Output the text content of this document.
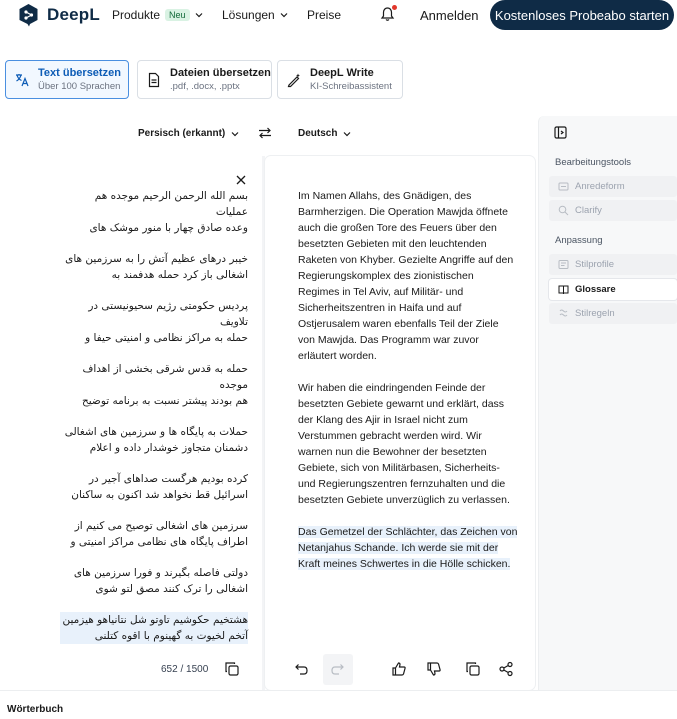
DeepL Produkte	Neu	Lösungen	Preise	Anmelden	Kostenloses Probeabo starten
Text übersetzen
Über 100 Sprachen
Dateien übersetzen
.pdf, .docx, .pptx
DeepL Write
KI-Schreibassistent
Persisch (erkannt)	Deutsch
بسم الله الرحمن الرحیم موجده هم عملیات
وعده صادق چهار با منور موشک های
خیبر درهای عظیم آتش را به سرزمین های
اشغالی باز کرد حمله هدفمند به
پردیس حکومتی رژیم سحیونیستی در تلاویف
حمله به مراکز نظامی و امنیتی حیفا و
حمله به قدس شرقی بخشی از اهداف موجده
هم بودند پیشتر نسبت به برنامه توضیح
حملات به پایگاه ها و سرزمین های اشغالی
دشمنان متجاوز خوشدار داده و اعلام
کرده بودیم هرگست صداهای آجیر در
اسرائیل قط نخواهد شد اکنون به ساکنان
سرزمین های اشغالی توصیح می کنیم از
اطراف پایگاه های نظامی مراکز امنیتی و
دولتی فاصله بگیرند و فورا سرزمین های
اشغالی را ترک کنند مصق لتو شوی
هشتخیم حکوشیم تاوتو شل نتانیاهو هیزمین
آتخم لخیوت به گهینوم با اقوه کتلنی
Im Namen Allahs, des Gnädigen, des
Barmherzigen. Die Operation Mawjda öffnete
auch die großen Tore des Feuers über den
besetzten Gebieten mit den leuchtenden
Raketen von Khyber. Gezielte Angriffe auf den
Regierungskomplex des zionistischen
Regimes in Tel Aviv, auf Militär- und
Sicherheitszentren in Haifa und auf
Ostjerusalem waren ebenfalls Teil der Ziele
von Mawjda. Das Programm war zuvor
erläutert worden.
Wir haben die eindringenden Feinde der
besetzten Gebiete gewarnt und erklärt, dass
der Klang des Ajir in Israel nicht zum
Verstummen gebracht werden wird. Wir
warnen nun die Bewohner der besetzten
Gebiete, sich von Militärbasen, Sicherheits-
und Regierungszentren fernzuhalten und die
besetzten Gebiete unverzüglich zu verlassen.
Das Gemetzel der Schlächter, das Zeichen von
Netanjahus Schande. Ich werde sie mit der
Kraft meines Schwertes in die Hölle schicken.
652 / 1500
Bearbeitungstools
Anredeform
Clarify
Anpassung
Stilprofile
Glossare
Stilregeln
Wörterbuch
